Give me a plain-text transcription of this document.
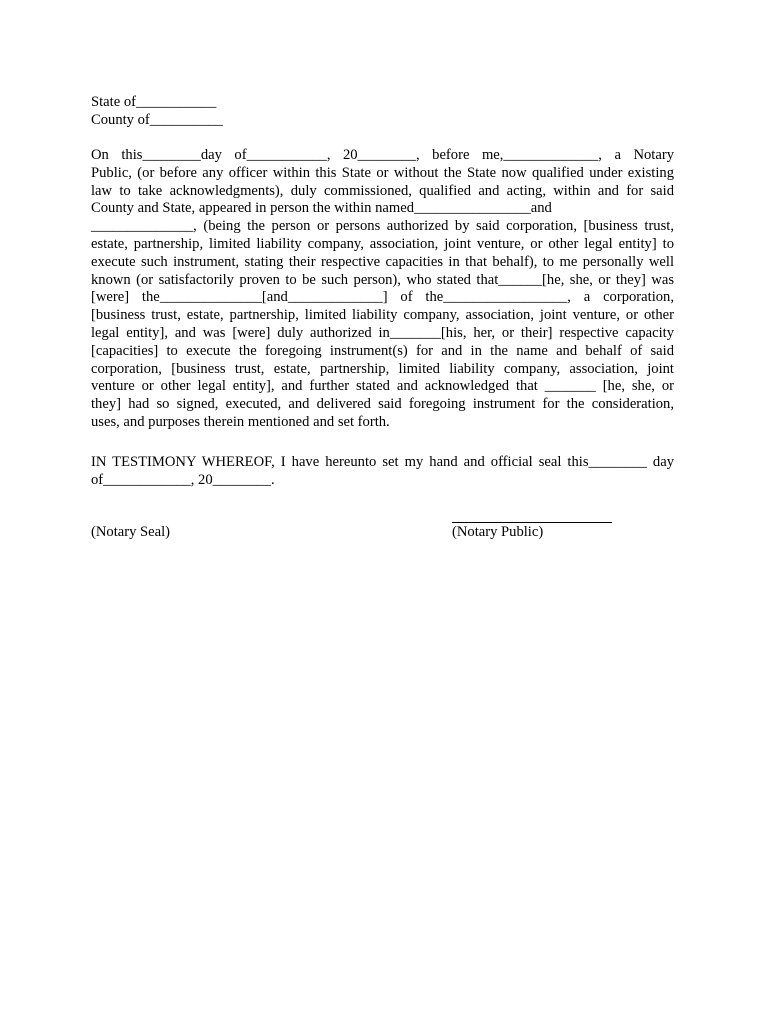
State of___________
County of__________
On this________day of___________, 20________, before me,_____________, a Notary
Public, (or before any officer within this State or without the State now qualified under existing
law to take acknowledgments), duly commissioned, qualified and acting, within and for said
County and State, appeared in person the within named________________and
______________, (being the person or persons authorized by said corporation, [business trust,
estate, partnership, limited liability company, association, joint venture, or other legal entity] to
execute such instrument, stating their respective capacities in that behalf), to me personally well
known (or satisfactorily proven to be such person), who stated that______[he, she, or they] was
[were] the______________[and_____________] of the_________________, a corporation,
[business trust, estate, partnership, limited liability company, association, joint venture, or other
legal entity], and was [were] duly authorized in_______[his, her, or their] respective capacity
[capacities] to execute the foregoing instrument(s) for and in the name and behalf of said
corporation, [business trust, estate, partnership, limited liability company, association, joint
venture or other legal entity], and further stated and acknowledged that _______ [he, she, or
they] had so signed, executed, and delivered said foregoing instrument for the consideration,
uses, and purposes therein mentioned and set forth.
IN TESTIMONY WHEREOF, I have hereunto set my hand and official seal this________ day
of____________, 20________.
(Notary Seal)	(Notary Public)
